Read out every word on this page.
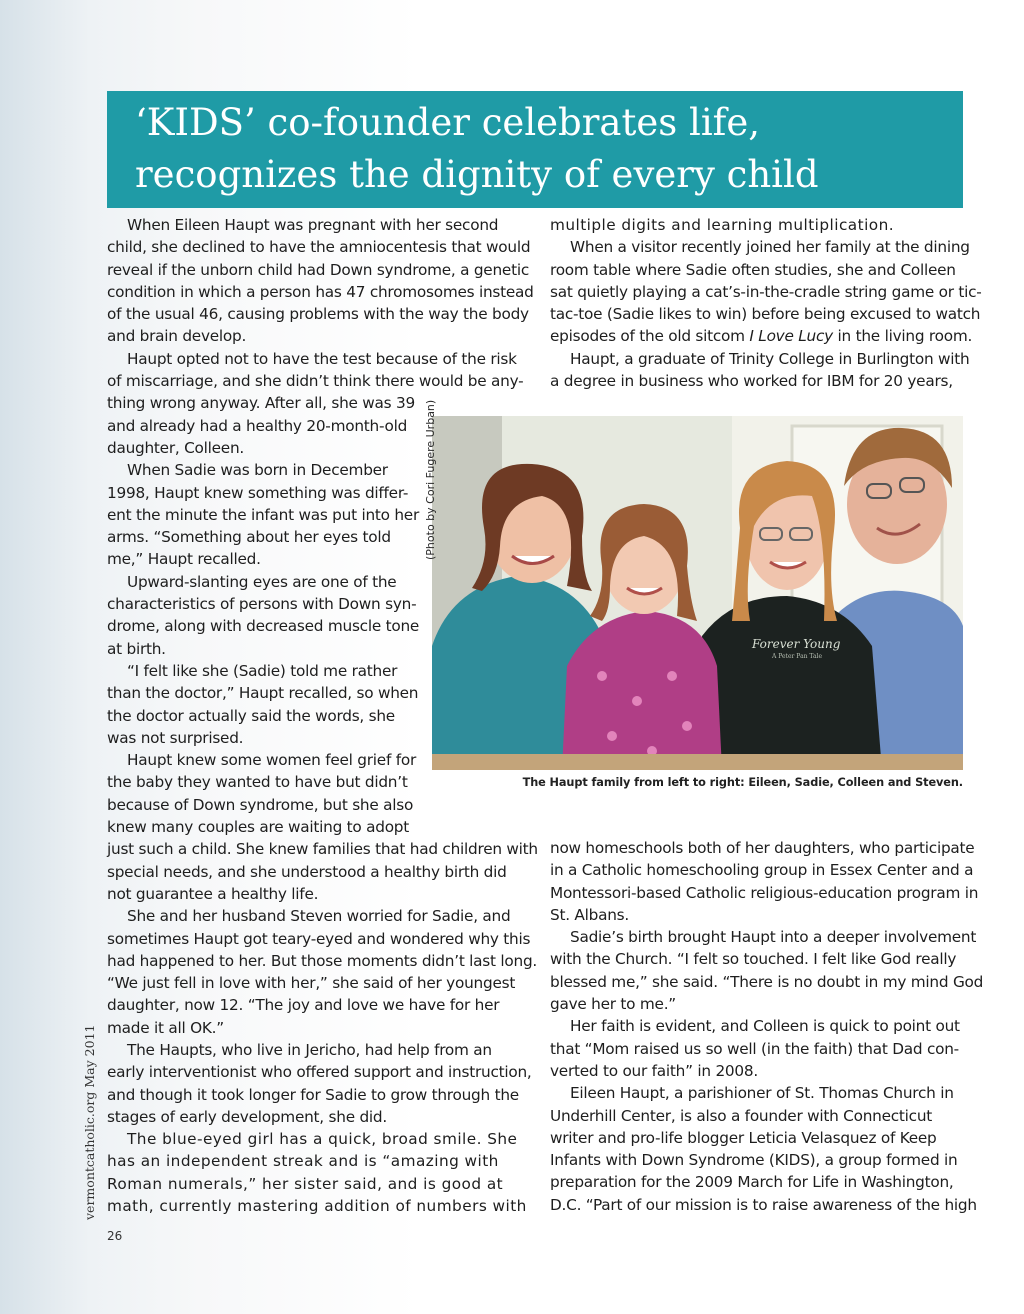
‘KIDS’ co-founder celebrates life,
recognizes the dignity of every child
When Eileen Haupt was pregnant with her second
child, she declined to have the amniocentesis that would
reveal if the unborn child had Down syndrome, a genetic
condition in which a person has 47 chromosomes instead
of the usual 46, causing problems with the way the body
and brain develop.
Haupt opted not to have the test because of the risk
of miscarriage, and she didn’t think there would be any-
thing wrong anyway. After all, she was 39
and already had a healthy 20-month-old
daughter, Colleen.
When Sadie was born in December
1998, Haupt knew something was differ-
ent the minute the infant was put into her
arms. “Something about her eyes told
me,” Haupt recalled.
Upward-slanting eyes are one of the
characteristics of persons with Down syn-
drome, along with decreased muscle tone
at birth.
“I felt like she (Sadie) told me rather
than the doctor,” Haupt recalled, so when
the doctor actually said the words, she
was not surprised.
Haupt knew some women feel grief for
the baby they wanted to have but didn’t
because of Down syndrome, but she also
knew many couples are waiting to adopt
just such a child. She knew families that had children with
special needs, and she understood a healthy birth did
not guarantee a healthy life.
She and her husband Steven worried for Sadie, and
sometimes Haupt got teary-eyed and wondered why this
had happened to her. But those moments didn’t last long.
“We just fell in love with her,” she said of her youngest
daughter, now 12. “The joy and love we have for her
made it all OK.”
The Haupts, who live in Jericho, had help from an
early interventionist who offered support and instruction,
and though it took longer for Sadie to grow through the
stages of early development, she did.
The blue-eyed girl has a quick, broad smile. She
has an independent streak and is “amazing with
Roman numerals,” her sister said, and is good at
math, currently mastering addition of numbers with
multiple digits and learning multiplication.
When a visitor recently joined her family at the dining
room table where Sadie often studies, she and Colleen
sat quietly playing a cat’s-in-the-cradle string game or tic-
tac-toe (Sadie likes to win) before being excused to watch
episodes of the old sitcom I Love Lucy in the living room.
Haupt, a graduate of Trinity College in Burlington with
a degree in business who worked for IBM for 20 years,
Forever Young
A Peter Pan Tale
(Photo by Cori Fugere Urban)
The Haupt family from left to right: Eileen, Sadie, Colleen and Steven.
now homeschools both of her daughters, who participate
in a Catholic homeschooling group in Essex Center and a
Montessori-based Catholic religious-education program in
St. Albans.
Sadie’s birth brought Haupt into a deeper involvement
with the Church. “I felt so touched. I felt like God really
blessed me,” she said. “There is no doubt in my mind God
gave her to me.”
Her faith is evident, and Colleen is quick to point out
that “Mom raised us so well (in the faith) that Dad con-
verted to our faith” in 2008.
Eileen Haupt, a parishioner of St. Thomas Church in
Underhill Center, is also a founder with Connecticut
writer and pro-life blogger Leticia Velasquez of Keep
Infants with Down Syndrome (KIDS), a group formed in
preparation for the 2009 March for Life in Washington,
D.C. “Part of our mission is to raise awareness of the high
vermontcatholic.org May 2011
26
